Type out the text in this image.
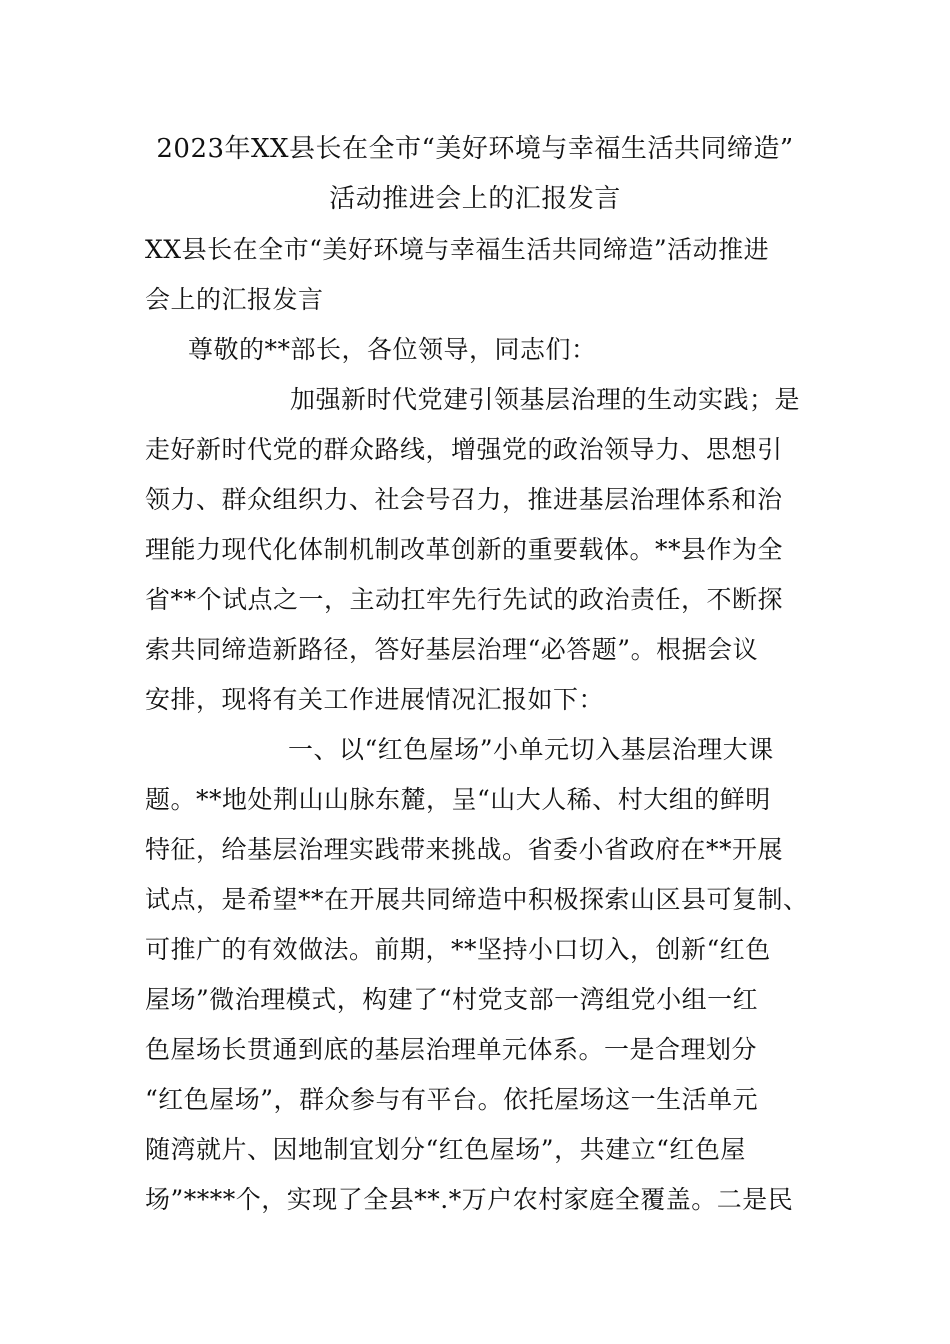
2023年XX县长在全市“美好环境与幸福生活共同缔造”
活动推进会上的汇报发言
XX县长在全市“美好环境与幸福生活共同缔造”活动推进
会上的汇报发言
尊敬的**部长，各位领导，同志们：
加强新时代党建引领基层治理的生动实践；是
走好新时代党的群众路线，增强党的政治领导力、思想引
领力、群众组织力、社会号召力，推进基层治理体系和治
理能力现代化体制机制改革创新的重要载体。**县作为全
省**个试点之一，主动扛牢先行先试的政治责任，不断探
索共同缔造新路径，答好基层治理“必答题”。根据会议
安排，现将有关工作进展情况汇报如下：
一、以“红色屋场”小单元切入基层治理大课
题。**地处荆山山脉东麓，呈“山大人稀、村大组的鲜明
特征，给基层治理实践带来挑战。省委小省政府在**开展
试点，是希望**在开展共同缔造中积极探索山区县可复制、
可推广的有效做法。前期，**坚持小口切入，创新“红色
屋场”微治理模式，构建了“村党支部一湾组党小组一红
色屋场长贯通到底的基层治理单元体系。一是合理划分
“红色屋场”，群众参与有平台。依托屋场这一生活单元
随湾就片、因地制宜划分“红色屋场”，共建立“红色屋
场”****个，实现了全县**.*万户农村家庭全覆盖。二是民
